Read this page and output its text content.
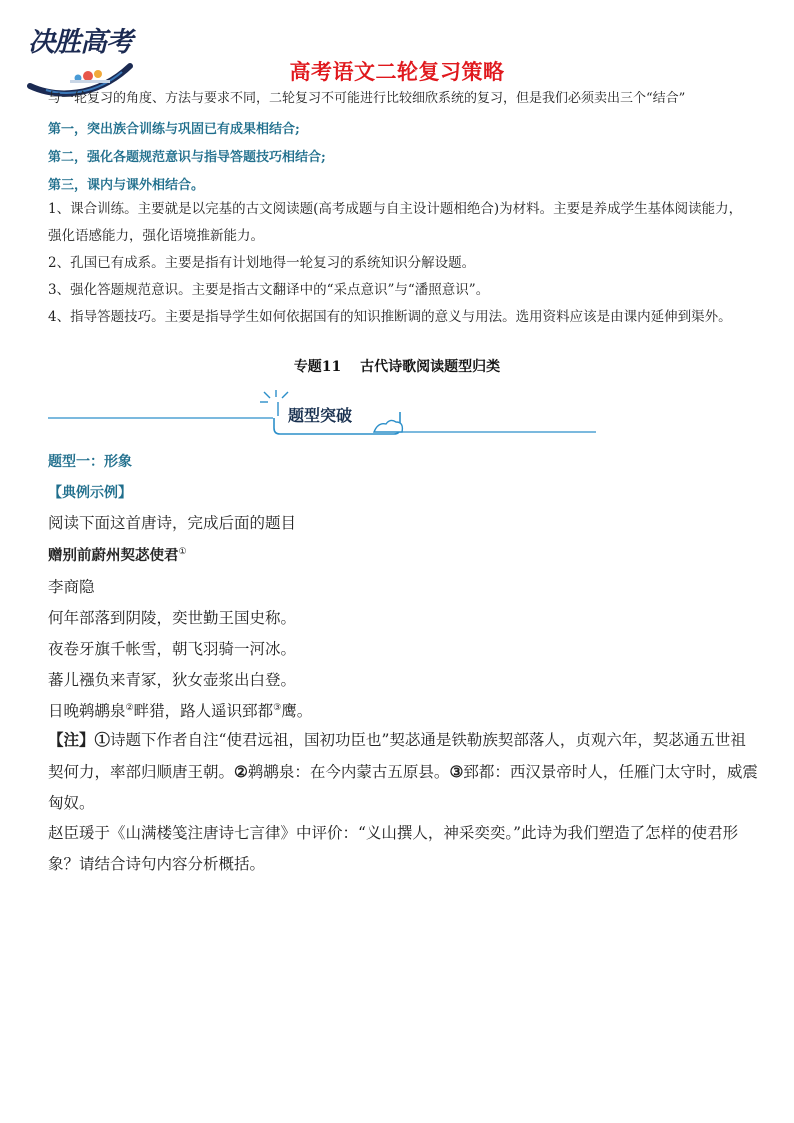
决胜高考
高考语文二轮复习策略
与一轮复习的角度、方法与要求不同，二轮复习不可能进行比较细欣系统的复习，但是我们必须卖出三个“结合”
第一，突出族合训练与巩固已有成果相结合;
第二，强化各题规范意识与指导答题技巧相结合;
第三，课内与课外相结合。
1、课合训练。主要就是以完基的古文阅读题(高考成题与自主设计题相绝合)为材料。主要是养成学生基体阅读能力，强化语感能力，强化语境推新能力。
2、孔国已有成系。主要是指有计划地得一轮复习的系统知识分解设题。
3、强化答题规范意识。主要是指古文翻译中的“采点意识”与“潘照意识”。
4、指导答题技巧。主要是指导学生如何依据国有的知识推断调的意义与用法。选用资料应该是由课内延伸到渠外。
专题11　 古代诗歌阅读题型归类
题型突破
题型一：形象
【典例示例】
阅读下面这首唐诗，完成后面的题目
赠别前蔚州契苾使君①
李商隐
何年部落到阴陵，奕世勤王国史称。
夜卷牙旗千帐雪，朝飞羽骑一河冰。
蕃儿襁负来青冢，狄女壶浆出白登。
日晚鹈鹕泉②畔猎，路人遥识郅都③鹰。
【注】①诗题下作者自注“使君远祖，国初功臣也”契苾通是铁勒族契部落人，贞观六年，契苾通五世祖契何力，率部归顺唐王朝。②鹈鹕泉：在今内蒙古五原县。③郅都：西汉景帝时人，任雁门太守时，威震匈奴。
赵臣瑗于《山满楼笺注唐诗七言律》中评价：“义山撰人，神采奕奕。”此诗为我们塑造了怎样的使君形象？请结合诗句内容分析概括。
